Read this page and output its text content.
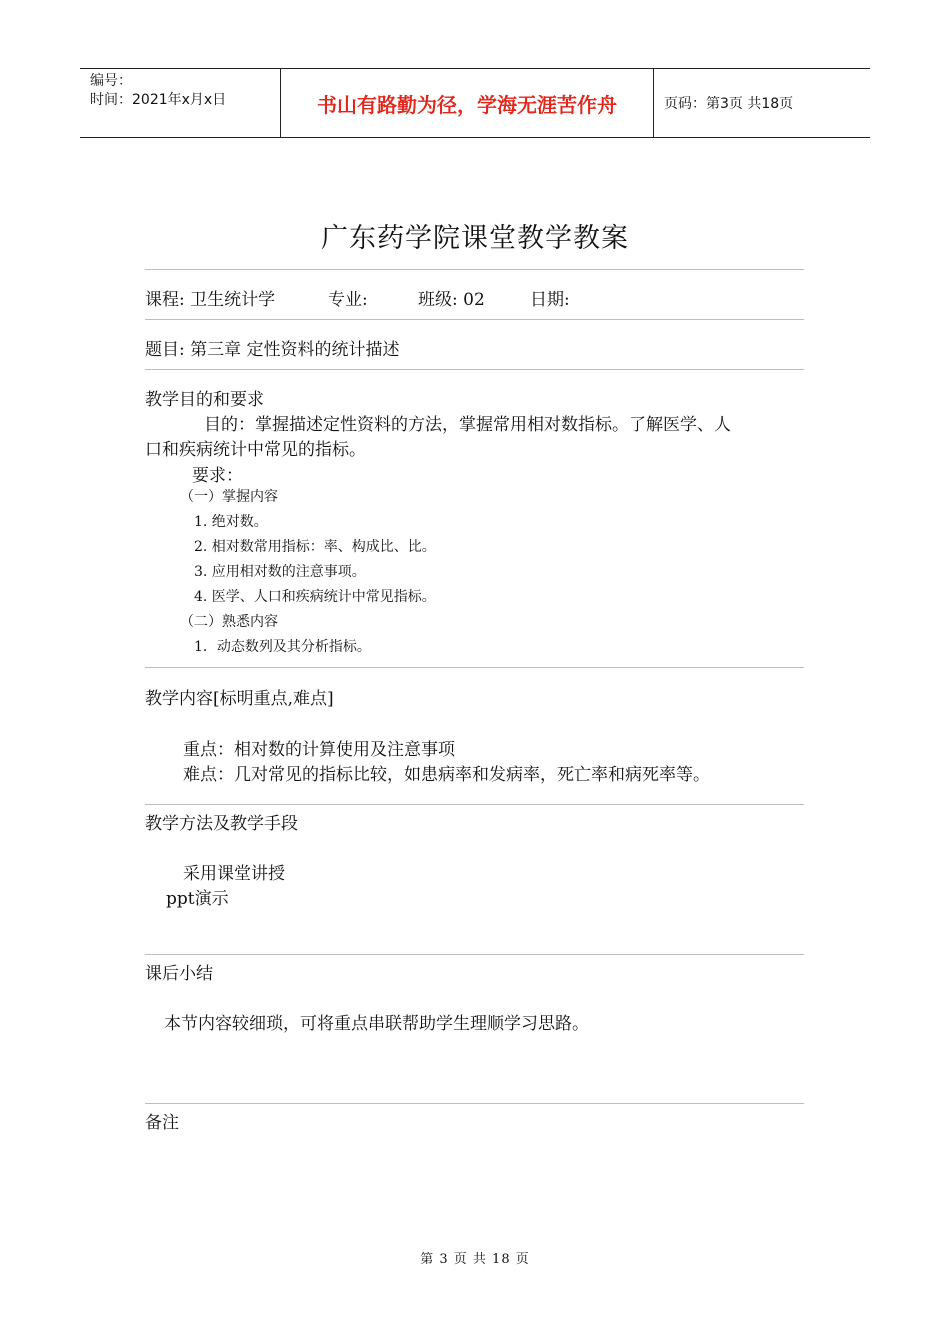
编号：
时间：2021年x月x日	书山有路勤为径，学海无涯苦作舟	页码：第3页 共18页
广东药学院课堂教学教案
课程: 卫生统计学	专业:	班级: 02	日期:
题目: 第三章 定性资料的统计描述
教学目的和要求
目的：掌握描述定性资料的方法，掌握常用相对数指标。了解医学、人
口和疾病统计中常见的指标。
要求：
（一）掌握内容
1. 绝对数。
2. 相对数常用指标：率、构成比、比。
3. 应用相对数的注意事项。
4. 医学、人口和疾病统计中常见指标。
（二）熟悉内容
1．动态数列及其分析指标。
教学内容[标明重点,难点]
重点：相对数的计算使用及注意事项
难点：几对常见的指标比较，如患病率和发病率，死亡率和病死率等。
教学方法及教学手段
采用课堂讲授
ppt演示
课后小结
本节内容较细琐，可将重点串联帮助学生理顺学习思路。
备注
第 3 页 共 18 页
